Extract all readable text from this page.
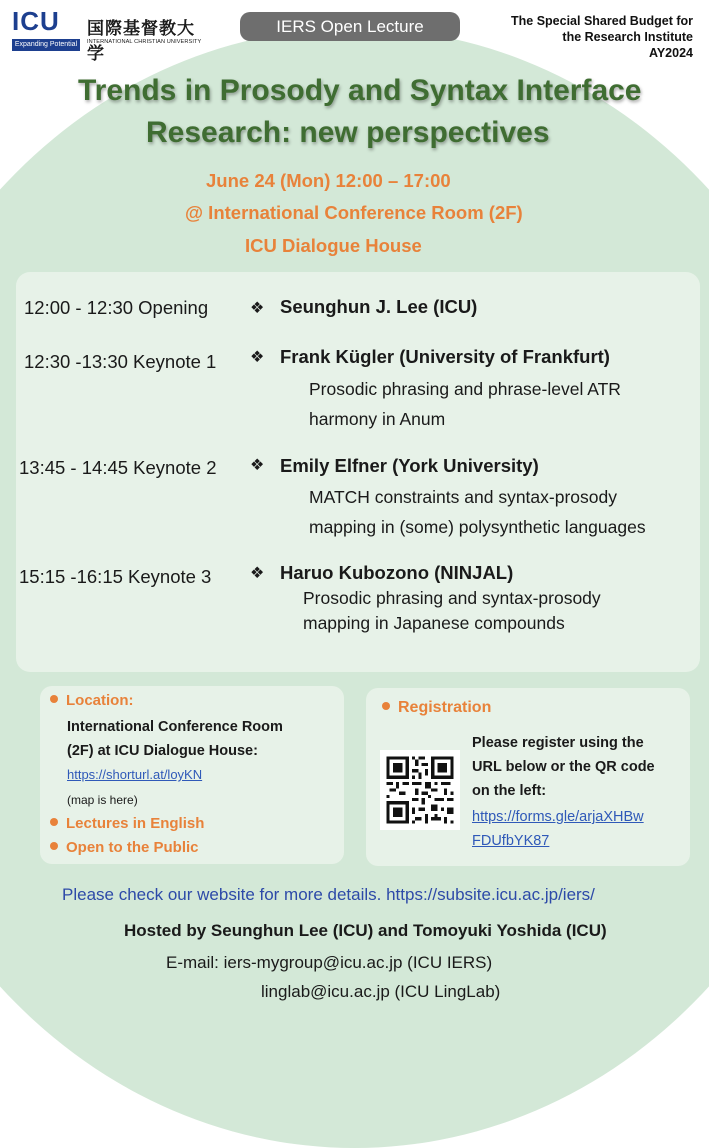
ICU
Expanding Potential
国際基督教大学
INTERNATIONAL CHRISTIAN UNIVERSITY
IERS Open Lecture	The Special Shared Budget for
the Research Institute
AY2024
Trends in Prosody and Syntax Interface
Research: new perspectives
June 24 (Mon) 12:00 – 17:00
@ International Conference Room (2F)
ICU Dialogue House
12:00 - 12:30 Opening	❖ Seunghun J. Lee (ICU)
12:30 -13:30 Keynote 1 ❖ Frank Kügler (University of Frankfurt)
Prosodic phrasing and phrase-level ATR
harmony in Anum
13:45 - 14:45 Keynote 2 ❖ Emily Elfner (York University)
MATCH constraints and syntax-prosody
mapping in (some) polysynthetic languages
15:15 -16:15 Keynote 3 ❖ Haruo Kubozono (NINJAL)
Prosodic phrasing and syntax-prosody
mapping in Japanese compounds
Location:
International Conference Room
(2F) at ICU Dialogue House:
https://shorturl.at/loyKN
(map is here)
Lectures in English
Open to the Public
Registration
Please register using the
URL below or the QR code
on the left:
https://forms.gle/arjaXHBw
FDUfbYK87
Please check our website for more details. https://subsite.icu.ac.jp/iers/
Hosted by Seunghun Lee (ICU) and Tomoyuki Yoshida (ICU)
E-mail: iers-mygroup@icu.ac.jp (ICU IERS)
linglab@icu.ac.jp (ICU LingLab)
